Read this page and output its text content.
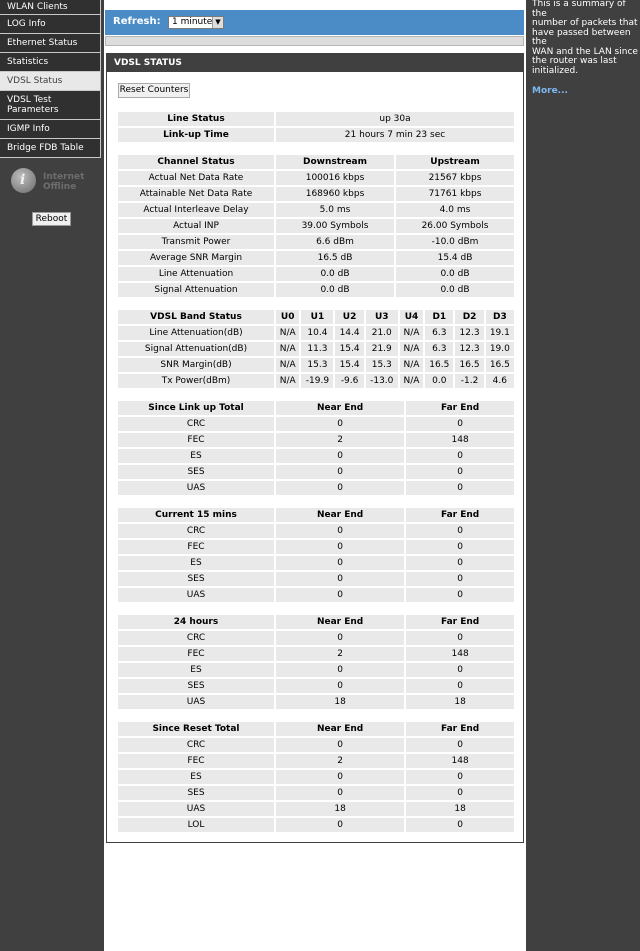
WLAN Clients
LOG Info
Ethernet Status
Statistics
VDSL Status
VDSL Test Parameters
IGMP Info
Bridge FDB Table
i Internet
Offline
Reboot
Refresh:	1 minute ▼
VDSL STATUS
Reset Counters
Line Status	up 30a
Link-up Time	21 hours 7 min 23 sec
Channel Status	Downstream	Upstream
Actual Net Data Rate	100016 kbps	21567 kbps
Attainable Net Data Rate	168960 kbps	71761 kbps
Actual Interleave Delay	5.0 ms	4.0 ms
Actual INP	39.00 Symbols	26.00 Symbols
Transmit Power	6.6 dBm	-10.0 dBm
Average SNR Margin	16.5 dB	15.4 dB
Line Attenuation	0.0 dB	0.0 dB
Signal Attenuation	0.0 dB	0.0 dB
VDSL Band Status	U0	U1	U2	U3	U4	D1	D2	D3
Line Attenuation(dB)	N/A	10.4	14.4	21.0	N/A	6.3	12.3	19.1
Signal Attenuation(dB)	N/A	11.3	15.4	21.9	N/A	6.3	12.3	19.0
SNR Margin(dB)	N/A	15.3	15.4	15.3	N/A	16.5	16.5	16.5
Tx Power(dBm)	N/A	-19.9	-9.6	-13.0	N/A	0.0	-1.2	4.6
Since Link up Total	Near End	Far End
CRC	0	0
FEC	2	148
ES	0	0
SES	0	0
UAS	0	0
Current 15 mins	Near End	Far End
CRC	0	0
FEC	0	0
ES	0	0
SES	0	0
UAS	0	0
24 hours	Near End	Far End
CRC	0	0
FEC	2	148
ES	0	0
SES	0	0
UAS	18	18
Since Reset Total	Near End	Far End
CRC	0	0
FEC	2	148
ES	0	0
SES	0	0
UAS	18	18
LOL	0	0
This is a summary of the
number of packets that
have passed between the
WAN and the LAN since
the router was last
initialized.
More...
